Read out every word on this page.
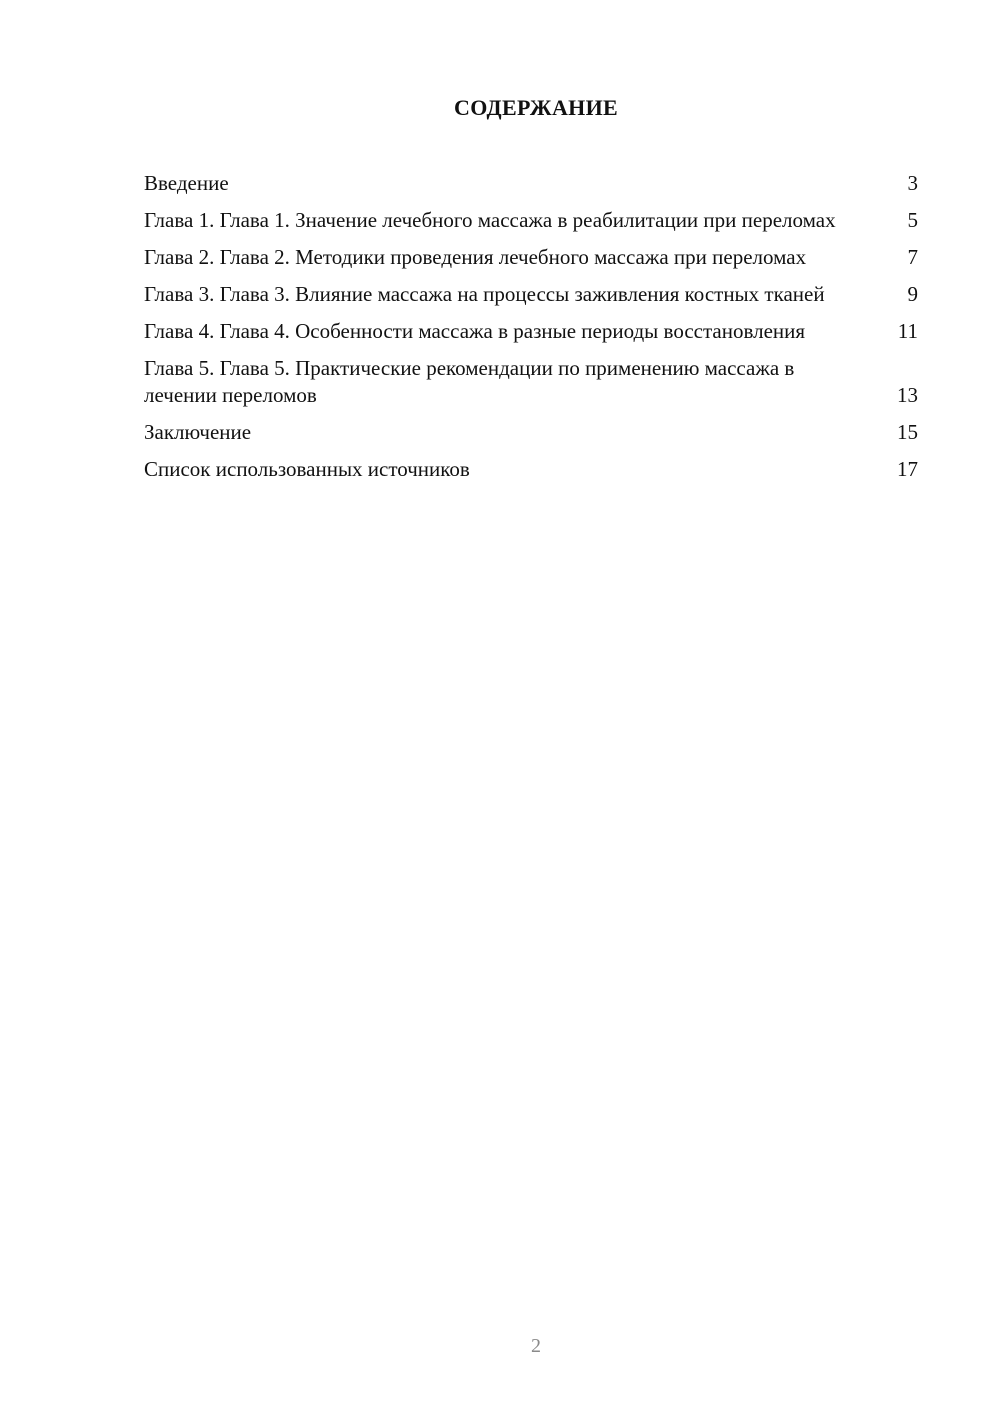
СОДЕРЖАНИЕ
Введение	3
Глава 1. Глава 1. Значение лечебного массажа в реабилитации при переломах	5
Глава 2. Глава 2. Методики проведения лечебного массажа при переломах	7
Глава 3. Глава 3. Влияние массажа на процессы заживления костных тканей	9
Глава 4. Глава 4. Особенности массажа в разные периоды восстановления	11
Глава 5. Глава 5. Практические рекомендации по применению массажа в лечении переломов	13
Заключение	15
Список использованных источников	17
2
